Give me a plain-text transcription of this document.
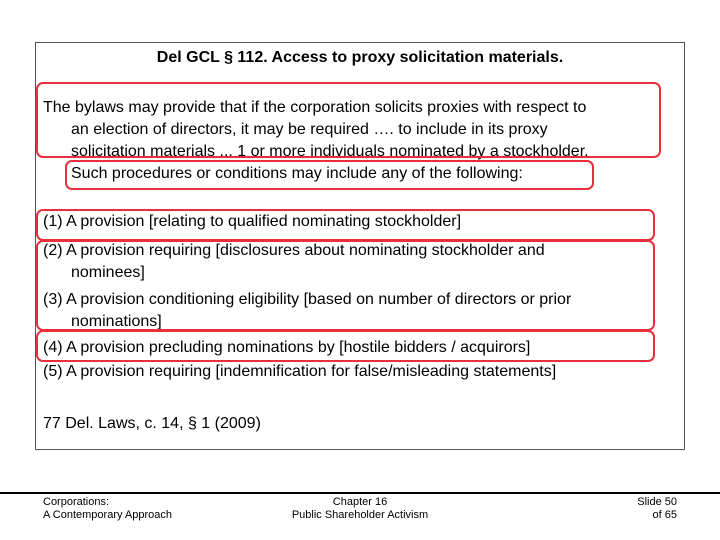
Del GCL § 112. Access to proxy solicitation materials.
The bylaws may provide that if the corporation solicits proxies with respect to
an election of directors, it may be required …. to include in its proxy
solicitation materials ... 1 or more individuals nominated by a stockholder.
Such procedures or conditions may include any of the following:
(1) A provision [relating to qualified nominating stockholder]
(2) A provision requiring [disclosures about nominating stockholder and
nominees]
(3) A provision conditioning eligibility [based on number of directors or prior
nominations]
(4) A provision precluding nominations by [hostile bidders / acquirors]
(5) A provision requiring [indemnification for false/misleading statements]
77 Del. Laws, c. 14, § 1 (2009)
Corporations:
A Contemporary Approach
Chapter 16
Public Shareholder Activism
Slide 50
of 65
